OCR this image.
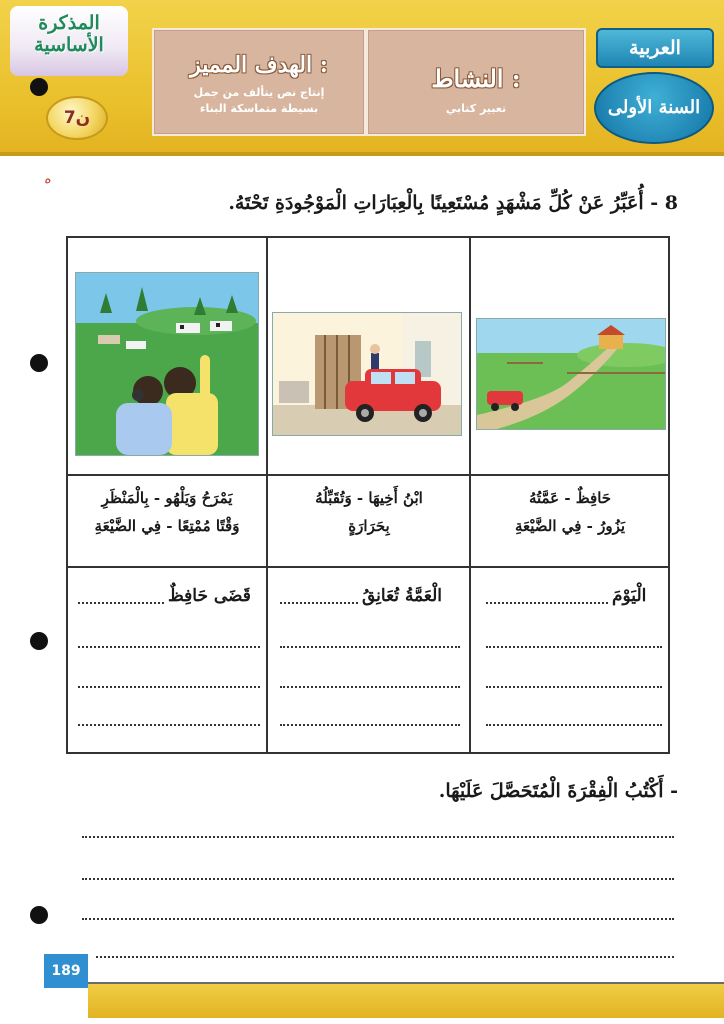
المذكرة الأساسية
7ن
الهدف المميز :
إنتاج نص يتألف من جمل
بسيطة متماسكة البناء
النشاط :
تعبير كتابي
العربية
السنة الأولى
ه
8 - أُعَبِّرُ عَنْ كُلِّ مَشْهَدٍ مُسْتَعِينًا بِالْعِبَارَاتِ الْمَوْجُودَةِ تَحْتَهُ.
يَمْرَحُ وَيَلْهُو - بِالْمَنْظَرِ
وَقْتًا مُمْتِعًا - فِي الضَّيْعَةِ
ابْنُ أَخِيهَا - وَتُقَبِّلُهُ
بِحَرَارَةٍ
حَافِظٌ - عَمَّتُهُ
يَزُورُ - فِي الضَّيْعَةِ
الْيَوْمَ
الْعَمَّةُ تُعَانِقُ
قَضَى حَافِظٌ
- أَكْتُبُ الْفِقْرَةَ الْمُتَحَصَّلَ عَلَيْهَا.
189
